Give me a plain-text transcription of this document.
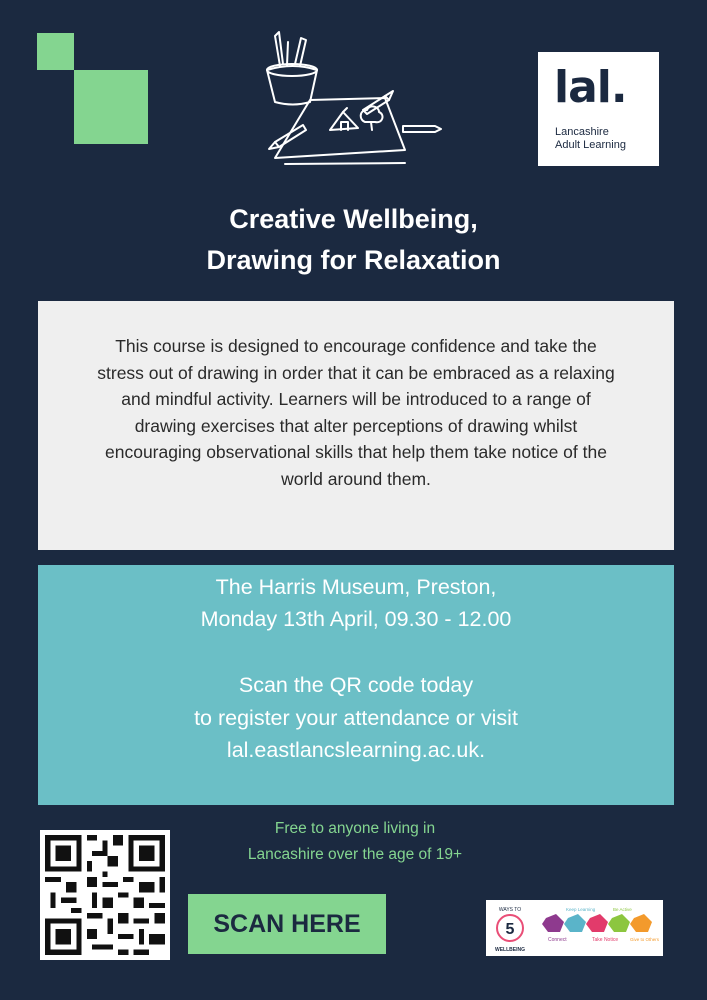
lal.
Lancashire
Adult Learning
Creative Wellbeing,
Drawing for Relaxation
This course is designed to encourage confidence and take the
stress out of drawing in order that it can be embraced as a relaxing
and mindful activity. Learners will be introduced to a range of
drawing exercises that alter perceptions of drawing whilst
encouraging observational skills that help them take notice of the
world around them.
The Harris Museum, Preston,
Monday 13th April, 09.30 - 12.00
Scan the QR code today
to register your attendance or visit
lal.eastlancslearning.ac.uk.
Free to anyone living in
Lancashire over the age of 19+
SCAN HERE	5
WAYS TO
WELLBEING
Connect
Keep Learning
Take Notice
Be Active
Give to Others
